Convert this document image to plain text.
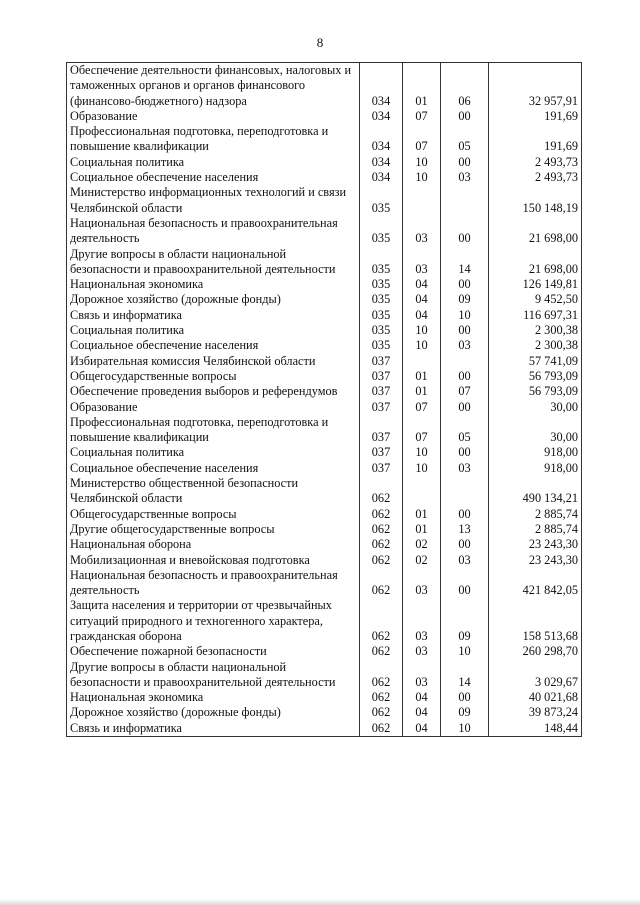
8
Обеспечение деятельности финансовых, налоговых и таможенных органов и органов финансового (финансово-бюджетного) надзора	034	01	06	32 957,91
Образование	034	07	00	191,69
Профессиональная подготовка, переподготовка и повышение квалификации	034	07	05	191,69
Социальная политика	034	10	00	2 493,73
Социальное обеспечение населения	034	10	03	2 493,73
Министерство информационных технологий и связи Челябинской области	035			150 148,19
Национальная безопасность и правоохранительная деятельность	035	03	00	21 698,00
Другие вопросы в области национальной безопасности и правоохранительной деятельности	035	03	14	21 698,00
Национальная экономика	035	04	00	126 149,81
Дорожное хозяйство (дорожные фонды)	035	04	09	9 452,50
Связь и информатика	035	04	10	116 697,31
Социальная политика	035	10	00	2 300,38
Социальное обеспечение населения	035	10	03	2 300,38
Избирательная комиссия Челябинской области	037			57 741,09
Общегосударственные вопросы	037	01	00	56 793,09
Обеспечение проведения выборов и референдумов	037	01	07	56 793,09
Образование	037	07	00	30,00
Профессиональная подготовка, переподготовка и повышение квалификации	037	07	05	30,00
Социальная политика	037	10	00	918,00
Социальное обеспечение населения	037	10	03	918,00
Министерство общественной безопасности Челябинской области	062			490 134,21
Общегосударственные вопросы	062	01	00	2 885,74
Другие общегосударственные вопросы	062	01	13	2 885,74
Национальная оборона	062	02	00	23 243,30
Мобилизационная и вневойсковая подготовка	062	02	03	23 243,30
Национальная безопасность и правоохранительная деятельность	062	03	00	421 842,05
Защита населения и территории от чрезвычайных ситуаций природного и техногенного характера, гражданская оборона	062	03	09	158 513,68
Обеспечение пожарной безопасности	062	03	10	260 298,70
Другие вопросы в области национальной безопасности и правоохранительной деятельности	062	03	14	3 029,67
Национальная экономика	062	04	00	40 021,68
Дорожное хозяйство (дорожные фонды)	062	04	09	39 873,24
Связь и информатика	062	04	10	148,44
